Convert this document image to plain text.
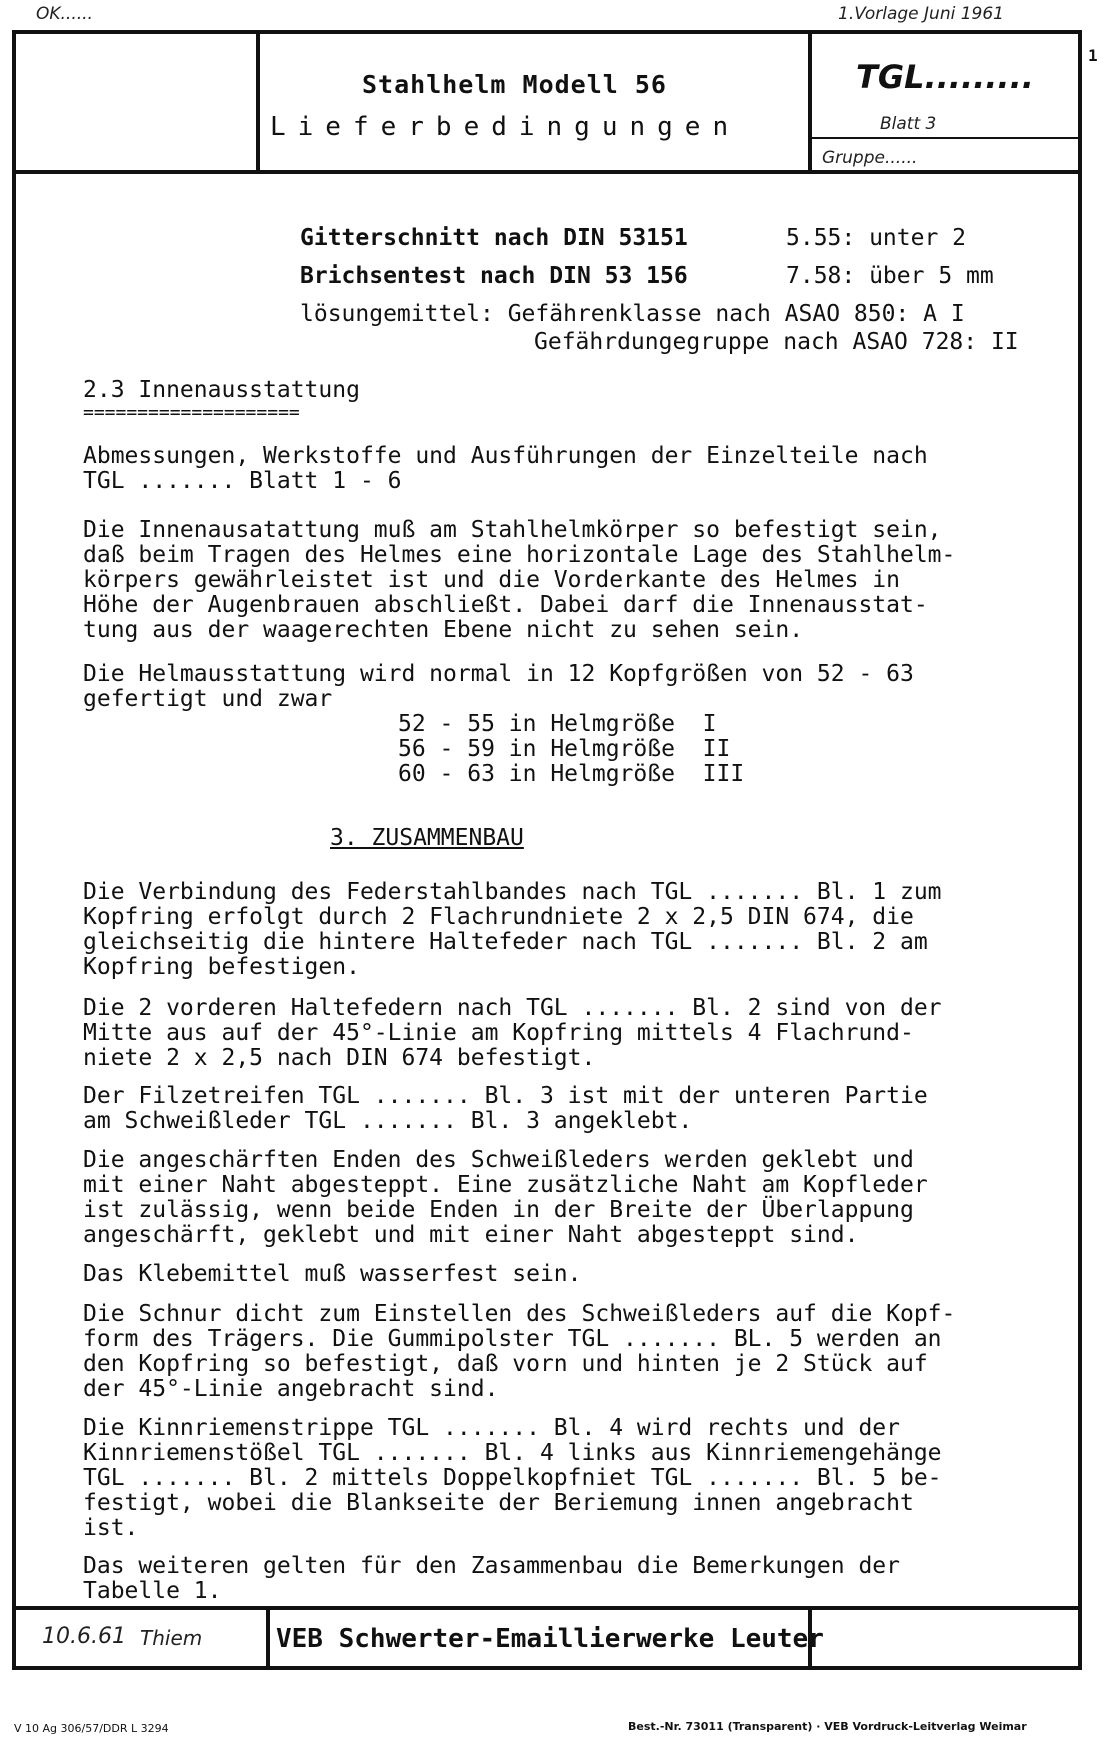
OK......	1.Vorlage Juni 1961
1
Stahlhelm Modell 56
Lieferbedingungen
TGL.........
Blatt 3
Gruppe......
Gitterschnitt nach DIN 53151	5.55: unter 2
Brichsentest nach DIN 53 156	7.58: über 5 mm
lösungemittel: Gefährenklasse nach ASAO 850: A I
Gefährdungegruppe nach ASAO 728: II
2.3 Innenausstattung
====================
Abmessungen, Werkstoffe und Ausführungen der Einzelteile nach
TGL ....... Blatt 1 - 6
Die Innenausatattung muß am Stahlhelmkörper so befestigt sein,
daß beim Tragen des Helmes eine horizontale Lage des Stahlhelm-
körpers gewährleistet ist und die Vorderkante des Helmes in
Höhe der Augenbrauen abschließt. Dabei darf die Innenausstat-
tung aus der waagerechten Ebene nicht zu sehen sein.
Die Helmausstattung wird normal in 12 Kopfgrößen von 52 - 63
gefertigt und zwar
52 - 55 in Helmgröße  I
56 - 59 in Helmgröße  II
60 - 63 in Helmgröße  III
3. ZUSAMMENBAU
Die Verbindung des Federstahlbandes nach TGL ....... Bl. 1 zum
Kopfring erfolgt durch 2 Flachrundniete 2 x 2,5 DIN 674, die
gleichseitig die hintere Haltefeder nach TGL ....... Bl. 2 am
Kopfring befestigen.
Die 2 vorderen Haltefedern nach TGL ....... Bl. 2 sind von der
Mitte aus auf der 45°-Linie am Kopfring mittels 4 Flachrund-
niete 2 x 2,5 nach DIN 674 befestigt.
Der Filzetreifen TGL ....... Bl. 3 ist mit der unteren Partie
am Schweißleder TGL ....... Bl. 3 angeklebt.
Die angeschärften Enden des Schweißleders werden geklebt und
mit einer Naht abgesteppt. Eine zusätzliche Naht am Kopfleder
ist zulässig, wenn beide Enden in der Breite der Überlappung
angeschärft, geklebt und mit einer Naht abgesteppt sind.
Das Klebemittel muß wasserfest sein.
Die Schnur dicht zum Einstellen des Schweißleders auf die Kopf-
form des Trägers. Die Gummipolster TGL ....... BL. 5 werden an
den Kopfring so befestigt, daß vorn und hinten je 2 Stück auf
der 45°-Linie angebracht sind.
Die Kinnriemenstrippe TGL ....... Bl. 4 wird rechts und der
Kinnriemenstößel TGL ....... Bl. 4 links aus Kinnriemengehänge
TGL ....... Bl. 2 mittels Doppelkopfniet TGL ....... Bl. 5 be-
festigt, wobei die Blankseite der Beriemung innen angebracht
ist.
Das weiteren gelten für den Zasammenbau die Bemerkungen der
Tabelle 1.
10.6.61 Thiem	VEB Schwerter-Emaillierwerke Leuter
V 10 Ag 306/57/DDR L 3294	Best.-Nr. 73011 (Transparent) · VEB Vordruck-Leitverlag Weimar
